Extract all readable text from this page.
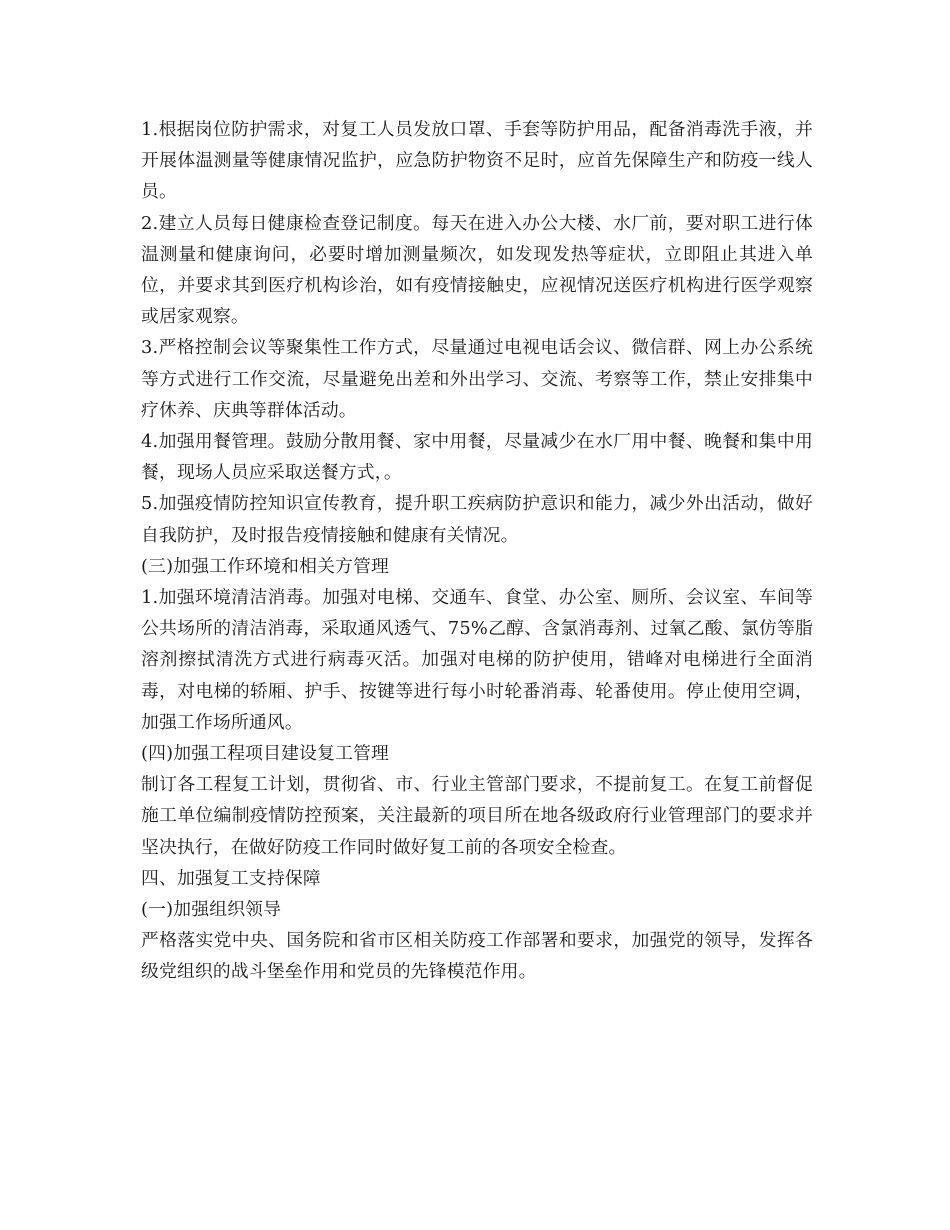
1.根据岗位防护需求，对复工人员发放口罩、手套等防护用品，配备消毒洗手液，并开展体温测量等健康情况监护，应急防护物资不足时，应首先保障生产和防疫一线人员。

2.建立人员每日健康检查登记制度。每天在进入办公大楼、水厂前，要对职工进行体温测量和健康询问，必要时增加测量频次，如发现发热等症状，立即阻止其进入单位，并要求其到医疗机构诊治，如有疫情接触史，应视情况送医疗机构进行医学观察或居家观察。

3.严格控制会议等聚集性工作方式，尽量通过电视电话会议、微信群、网上办公系统等方式进行工作交流，尽量避免出差和外出学习、交流、考察等工作，禁止安排集中疗休养、庆典等群体活动。

4.加强用餐管理。鼓励分散用餐、家中用餐，尽量减少在水厂用中餐、晚餐和集中用餐，现场人员应采取送餐方式，。

5.加强疫情防控知识宣传教育，提升职工疾病防护意识和能力，减少外出活动，做好自我防护，及时报告疫情接触和健康有关情况。

(三)加强工作环境和相关方管理

1.加强环境清洁消毒。加强对电梯、交通车、食堂、办公室、厕所、会议室、车间等公共场所的清洁消毒，采取通风透气、75%乙醇、含氯消毒剂、过氧乙酸、氯仿等脂溶剂擦拭清洗方式进行病毒灭活。加强对电梯的防护使用，错峰对电梯进行全面消毒，对电梯的轿厢、护手、按键等进行每小时轮番消毒、轮番使用。停止使用空调，加强工作场所通风。

(四)加强工程项目建设复工管理

制订各工程复工计划，贯彻省、市、行业主管部门要求，不提前复工。在复工前督促施工单位编制疫情防控预案，关注最新的项目所在地各级政府行业管理部门的要求并坚决执行，在做好防疫工作同时做好复工前的各项安全检查。

四、加强复工支持保障

(一)加强组织领导

严格落实党中央、国务院和省市区相关防疫工作部署和要求，加强党的领导，发挥各级党组织的战斗堡垒作用和党员的先锋模范作用。
